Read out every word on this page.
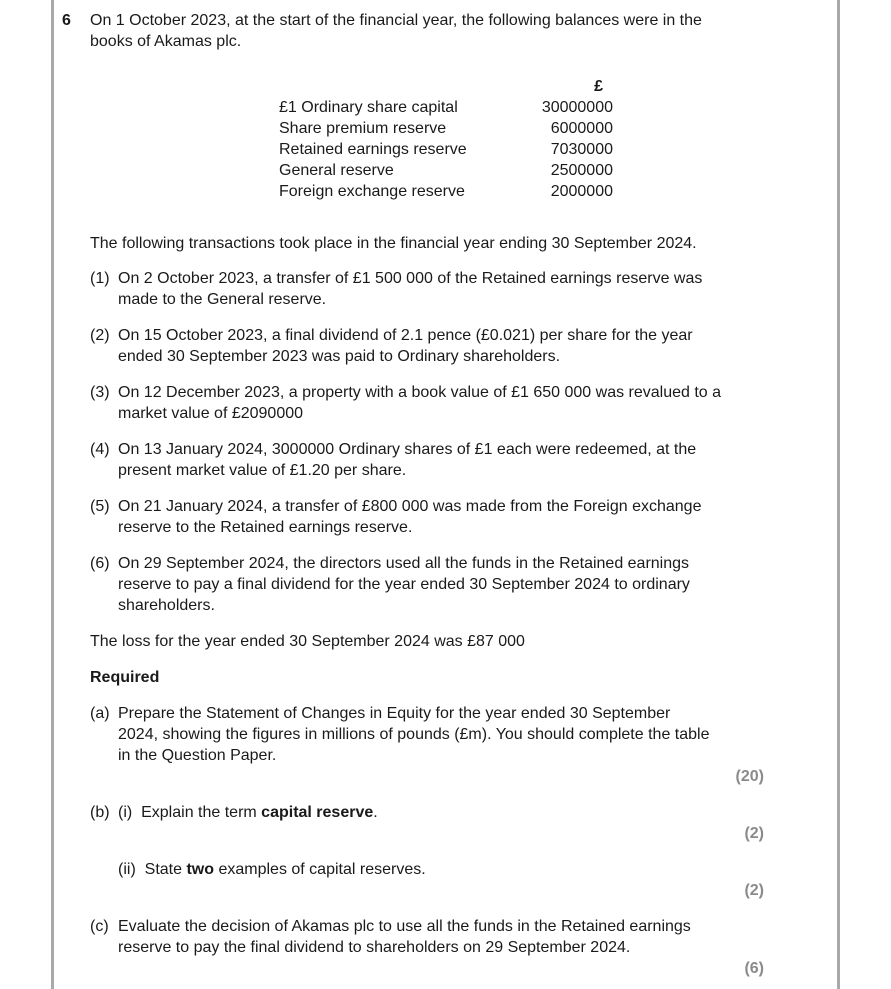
6 On 1 October 2023, at the start of the financial year, the following balances were in the books of Akamas plc.
£
£1 Ordinary share capital	30000000
Share premium reserve	6000000
Retained earnings reserve	7030000
General reserve	2500000
Foreign exchange reserve	2000000
The following transactions took place in the financial year ending 30 September 2024.
(1) On 2 October 2023, a transfer of £1 500 000 of the Retained earnings reserve was made to the General reserve.
(2) On 15 October 2023, a final dividend of 2.1 pence (£0.021) per share for the year ended 30 September 2023 was paid to Ordinary shareholders.
(3) On 12 December 2023, a property with a book value of £1 650 000 was revalued to a market value of £2090000
(4) On 13 January 2024, 3000000 Ordinary shares of £1 each were redeemed, at the present market value of £1.20 per share.
(5) On 21 January 2024, a transfer of £800 000 was made from the Foreign exchange reserve to the Retained earnings reserve.
(6) On 29 September 2024, the directors used all the funds in the Retained earnings reserve to pay a final dividend for the year ended 30 September 2024 to ordinary shareholders.
The loss for the year ended 30 September 2024 was £87 000
Required
(a) Prepare the Statement of Changes in Equity for the year ended 30 September 2024, showing the figures in millions of pounds (£m). You should complete the table in the Question Paper.
(20)
(b) (i) Explain the term capital reserve.
(2)
(ii) State two examples of capital reserves.
(2)
(c) Evaluate the decision of Akamas plc to use all the funds in the Retained earnings reserve to pay the final dividend to shareholders on 29 September 2024.
(6)
